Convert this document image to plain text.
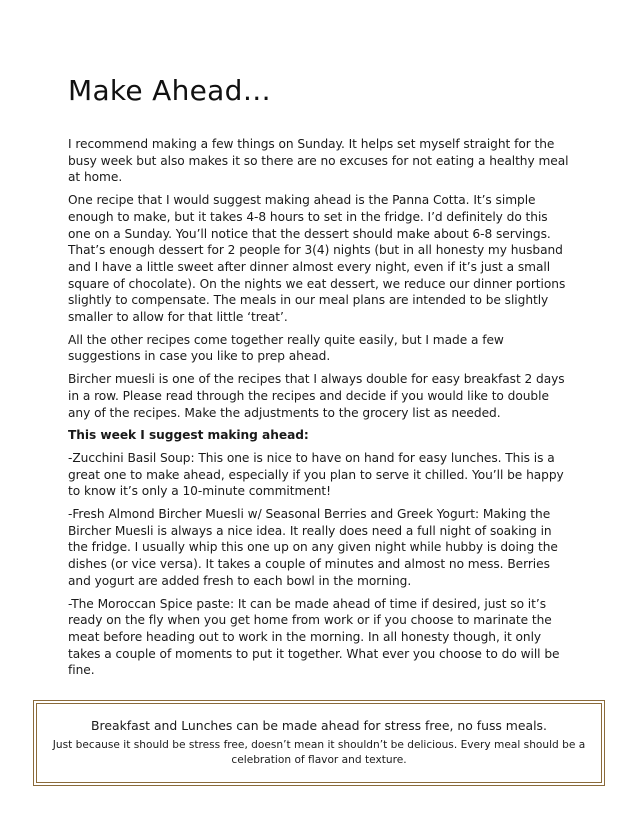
Make Ahead…

I recommend making a few things on Sunday. It helps set myself straight for the busy week but also makes it so there are no excuses for not eating a healthy meal at home.

One recipe that I would suggest making ahead is the Panna Cotta. It’s simple enough to make, but it takes 4-8 hours to set in the fridge. I’d definitely do this one on a Sunday. You’ll notice that the dessert should make about 6-8 servings. That’s enough dessert for 2 people for 3(4) nights (but in all honesty my husband and I have a little sweet after dinner almost every night, even if it’s just a small square of chocolate). On the nights we eat dessert, we reduce our dinner portions slightly to compensate. The meals in our meal plans are intended to be slightly smaller to allow for that little ‘treat’.

All the other recipes come together really quite easily, but I made a few suggestions in case you like to prep ahead.

Bircher muesli is one of the recipes that I always double for easy breakfast 2 days in a row. Please read through the recipes and decide if you would like to double any of the recipes. Make the adjustments to the grocery list as needed.

This week I suggest making ahead:

-Zucchini Basil Soup: This one is nice to have on hand for easy lunches. This is a great one to make ahead, especially if you plan to serve it chilled. You’ll be happy to know it’s only a 10-minute commitment!

-Fresh Almond Bircher Muesli w/ Seasonal Berries and Greek Yogurt: Making the Bircher Muesli is always a nice idea. It really does need a full night of soaking in the fridge. I usually whip this one up on any given night while hubby is doing the dishes (or vice versa). It takes a couple of minutes and almost no mess. Berries and yogurt are added fresh to each bowl in the morning.

-The Moroccan Spice paste: It can be made ahead of time if desired, just so it’s ready on the fly when you get home from work or if you choose to marinate the meat before heading out to work in the morning. In all honesty though, it only takes a couple of moments to put it together. What ever you choose to do will be fine.

Breakfast and Lunches can be made ahead for stress free, no fuss meals.

Just because it should be stress free, doesn’t mean it shouldn’t be delicious. Every meal should be a celebration of flavor and texture.
